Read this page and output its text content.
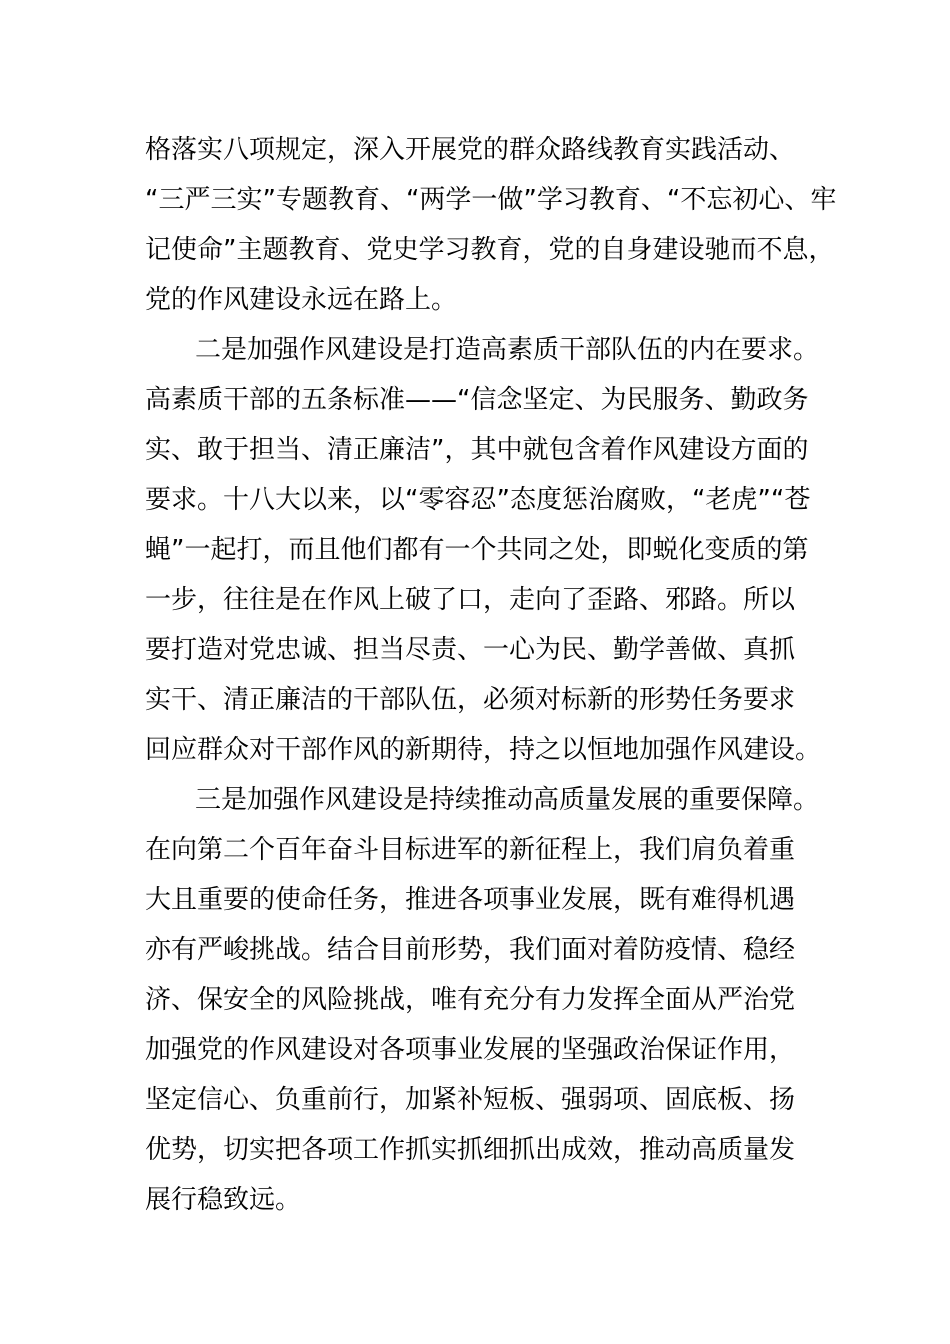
格落实八项规定，深入开展党的群众路线教育实践活动、
“三严三实”专题教育、“两学一做”学习教育、“不忘初心、牢
记使命”主题教育、党史学习教育，党的自身建设驰而不息，
党的作风建设永远在路上。
二是加强作风建设是打造高素质干部队伍的内在要求。
高素质干部的五条标准——“信念坚定、为民服务、勤政务
实、敢于担当、清正廉洁”，其中就包含着作风建设方面的
要求。十八大以来，以“零容忍”态度惩治腐败，“老虎”“苍
蝇”一起打，而且他们都有一个共同之处，即蜕化变质的第
一步，往往是在作风上破了口，走向了歪路、邪路。所以
要打造对党忠诚、担当尽责、一心为民、勤学善做、真抓
实干、清正廉洁的干部队伍，必须对标新的形势任务要求
回应群众对干部作风的新期待，持之以恒地加强作风建设。
三是加强作风建设是持续推动高质量发展的重要保障。
在向第二个百年奋斗目标进军的新征程上，我们肩负着重
大且重要的使命任务，推进各项事业发展，既有难得机遇
亦有严峻挑战。结合目前形势，我们面对着防疫情、稳经
济、保安全的风险挑战，唯有充分有力发挥全面从严治党
加强党的作风建设对各项事业发展的坚强政治保证作用，
坚定信心、负重前行，加紧补短板、强弱项、固底板、扬
优势，切实把各项工作抓实抓细抓出成效，推动高质量发
展行稳致远。
